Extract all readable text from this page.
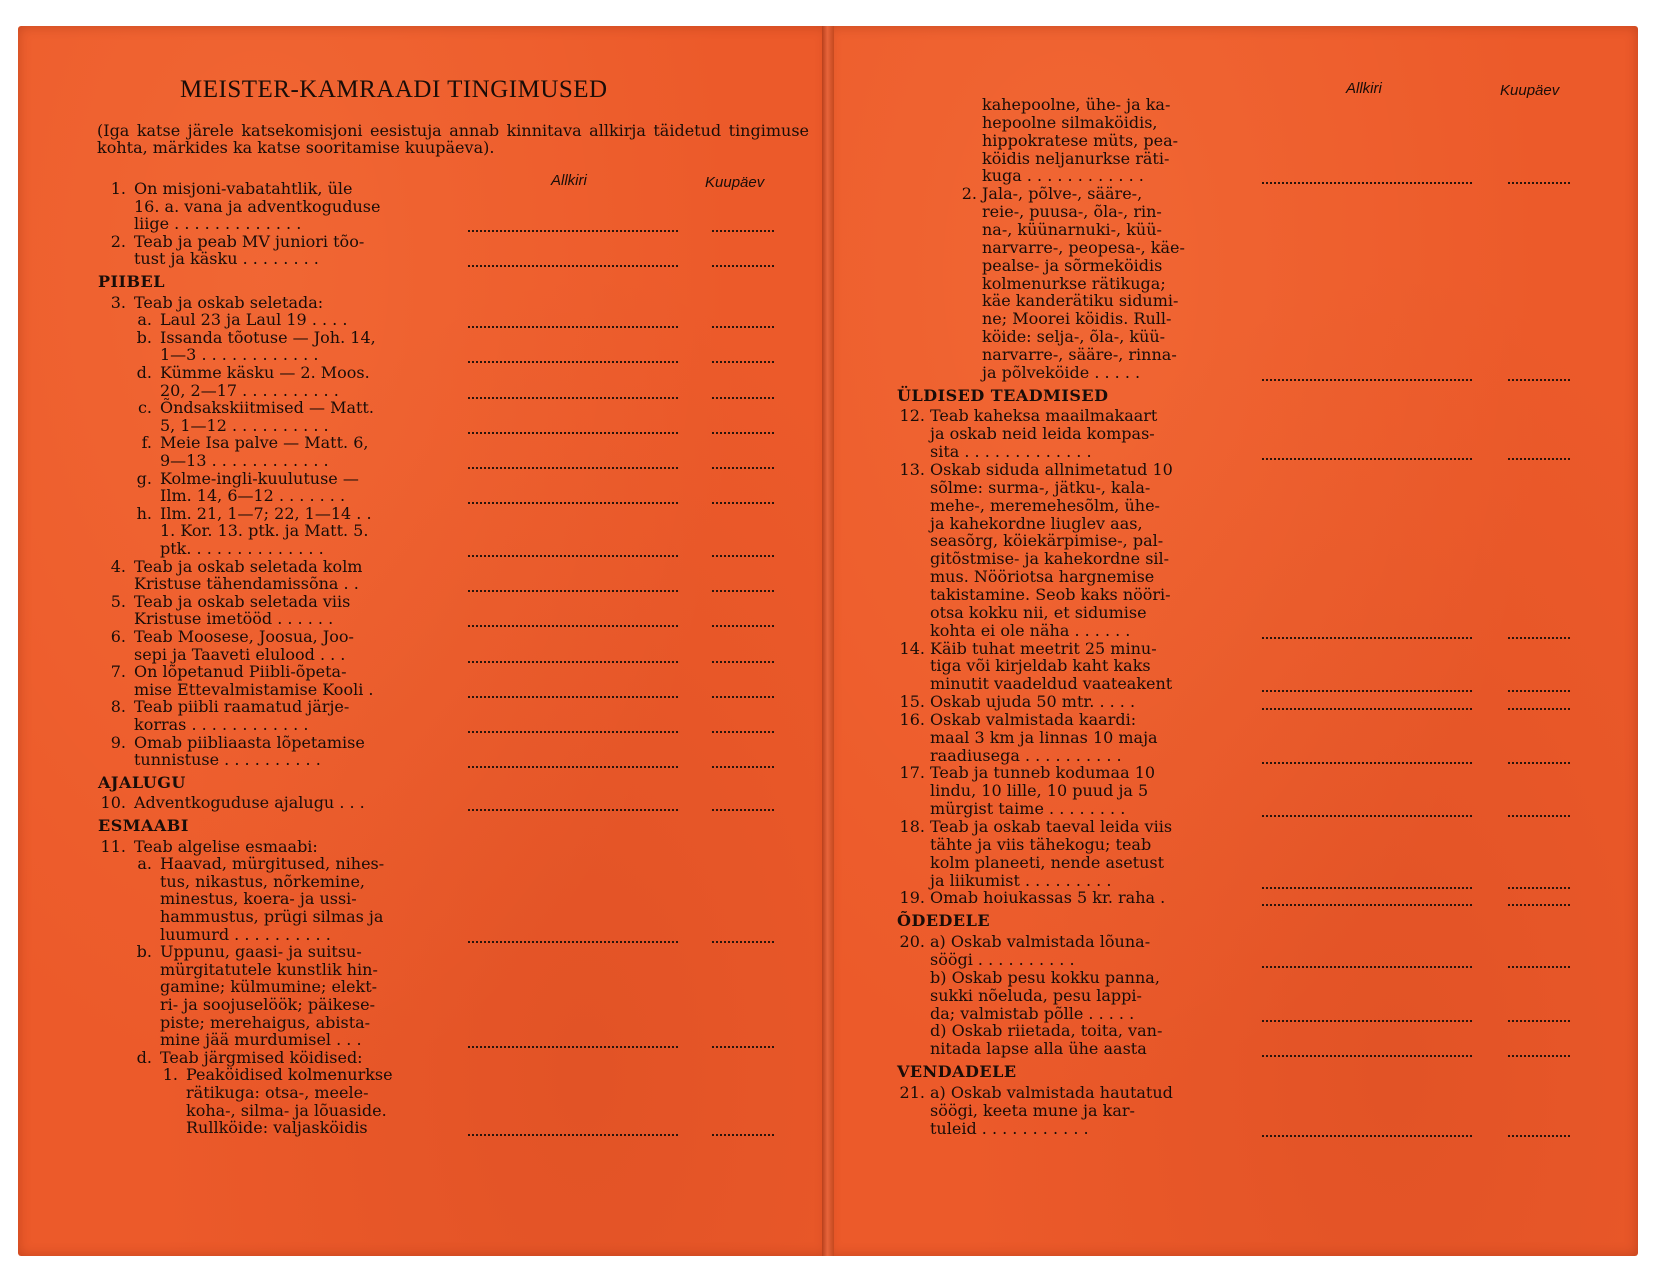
MEISTER-KAMRAADI TINGIMUSED
(Iga katse järele katsekomisjoni eesistuja annab kinnitava allkirja täidetud tingimuse kohta, märkides ka katse sooritamise kuupäeva).
Allkiri	Kuupäev
Allkiri	Kuupäev
1. On misjoni-vabatahtlik, üle
16. a. vana ja adventkoguduse
liige . . . . . . . . . . . . .
2. Teab ja peab MV juniori tõo-
tust ja käsku . . . . . . . .
PIIBEL
3. Teab ja oskab seletada:
a. Laul 23 ja Laul 19 . . . .
b. Issanda tõotuse — Joh. 14,
1—3 . . . . . . . . . . . .
d. Kümme käsku — 2. Moos.
20, 2—17 . . . . . . . . . .
c. Õndsakskiitmised — Matt.
5, 1—12 . . . . . . . . . .
f. Meie Isa palve — Matt. 6,
9—13 . . . . . . . . . . . .
g. Kolme-ingli-kuulutuse —
Ilm. 14, 6—12 . . . . . . .
h. Ilm. 21, 1—7; 22, 1—14 . .
1. Kor. 13. ptk. ja Matt. 5.
ptk. . . . . . . . . . . . . .
4. Teab ja oskab seletada kolm
Kristuse tähendamissõna . .
5. Teab ja oskab seletada viis
Kristuse imetööd . . . . . .
6. Teab Moosese, Joosua, Joo-
sepi ja Taaveti elulood . . .
7. On lõpetanud Piibli-õpeta-
mise Ettevalmistamise Kooli .
8. Teab piibli raamatud järje-
korras . . . . . . . . . . . .
9. Omab piibliaasta lõpetamise
tunnistuse . . . . . . . . . .
AJALUGU
10. Adventkoguduse ajalugu . . .
ESMAABI
11. Teab algelise esmaabi:
a. Haavad, mürgitused, nihes-
tus, nikastus, nõrkemine,
minestus, koera- ja ussi-
hammustus, prügi silmas ja
luumurd . . . . . . . . . .
b. Uppunu, gaasi- ja suitsu-
mürgitatutele kunstlik hin-
gamine; külmumine; elekt-
ri- ja soojuselöök; päikese-
piste; merehaigus, abista-
mine jää murdumisel . . .
d. Teab järgmised köidised:
1. Peaköidised kolmenurkse
rätikuga: otsa-, meele-
koha-, silma- ja lõuaside.
Rullköide: valjasköidis
kahepoolne, ühe- ja ka-
hepoolne silmaköidis,
hippokratese müts, pea-
köidis neljanurkse räti-
kuga . . . . . . . . . . . .
2. Jala-, põlve-, sääre-,
reie-, puusa-, õla-, rin-
na-, küünarnuki-, küü-
narvarre-, peopesa-, käe-
pealse- ja sõrmeköidis
kolmenurkse rätikuga;
käe kanderätiku sidumi-
ne; Moorei köidis. Rull-
köide: selja-, õla-, küü-
narvarre-, sääre-, rinna-
ja põlveköide . . . . .
ÜLDISED TEADMISED
12. Teab kaheksa maailmakaart
ja oskab neid leida kompas-
sita . . . . . . . . . . . . .
13. Oskab siduda allnimetatud 10
sõlme: surma-, jätku-, kala-
mehe-, meremehesõlm, ühe-
ja kahekordne liuglev aas,
seasõrg, köiekärpimise-, pal-
gitõstmise- ja kahekordne sil-
mus. Nööriotsa hargnemise
takistamine. Seob kaks nööri-
otsa kokku nii, et sidumise
kohta ei ole näha . . . . . .
14. Käib tuhat meetrit 25 minu-
tiga või kirjeldab kaht kaks
minutit vaadeldud vaateakent
15. Oskab ujuda 50 mtr. . . . .
16. Oskab valmistada kaardi:
maal 3 km ja linnas 10 maja
raadiusega . . . . . . . . . .
17. Teab ja tunneb kodumaa 10
lindu, 10 lille, 10 puud ja 5
mürgist taime . . . . . . . .
18. Teab ja oskab taeval leida viis
tähte ja viis tähekogu; teab
kolm planeeti, nende asetust
ja liikumist . . . . . . . . .
19. Omab hoiukassas 5 kr. raha .
ÕDEDELE
20. a) Oskab valmistada lõuna-
söögi . . . . . . . . . .
b) Oskab pesu kokku panna,
sukki nõeluda, pesu lappi-
da; valmistab põlle . . . . .
d) Oskab riietada, toita, van-
nitada lapse alla ühe aasta
VENDADELE
21. a) Oskab valmistada hautatud
söögi, keeta mune ja kar-
tuleid . . . . . . . . . . .
